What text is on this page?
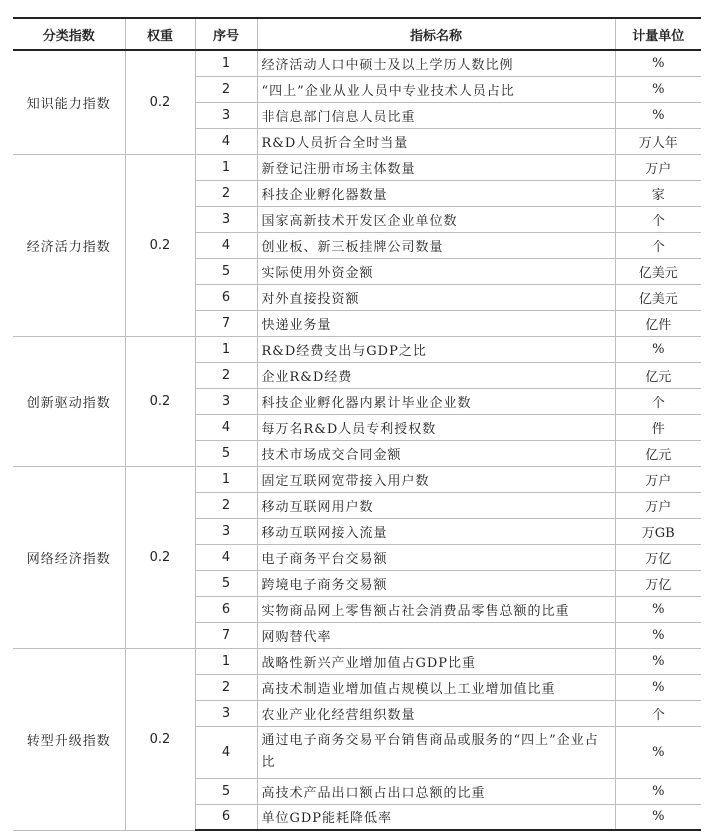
分类指数	权重	序号	指标名称	计量单位
知识能力指数	0.2	1	经济活动人口中硕士及以上学历人数比例	%
		2	“四上”企业从业人员中专业技术人员占比	%
		3	非信息部门信息人员比重	%
		4	R&D人员折合全时当量	万人年
经济活力指数	0.2	1	新登记注册市场主体数量	万户
		2	科技企业孵化器数量	家
		3	国家高新技术开发区企业单位数	个
		4	创业板、新三板挂牌公司数量	个
		5	实际使用外资金额	亿美元
		6	对外直接投资额	亿美元
		7	快递业务量	亿件
创新驱动指数	0.2	1	R&D经费支出与GDP之比	%
		2	企业R&D经费	亿元
		3	科技企业孵化器内累计毕业企业数	个
		4	每万名R&D人员专利授权数	件
		5	技术市场成交合同金额	亿元
网络经济指数	0.2	1	固定互联网宽带接入用户数	万户
		2	移动互联网用户数	万户
		3	移动互联网接入流量	万GB
		4	电子商务平台交易额	万亿
		5	跨境电子商务交易额	万亿
		6	实物商品网上零售额占社会消费品零售总额的比重	%
		7	网购替代率	%
转型升级指数	0.2	1	战略性新兴产业增加值占GDP比重	%
		2	高技术制造业增加值占规模以上工业增加值比重	%
		3	农业产业化经营组织数量	个
		4	通过电子商务交易平台销售商品或服务的“四上”企业占比	%
		5	高技术产品出口额占出口总额的比重	%
		6	单位GDP能耗降低率	%
